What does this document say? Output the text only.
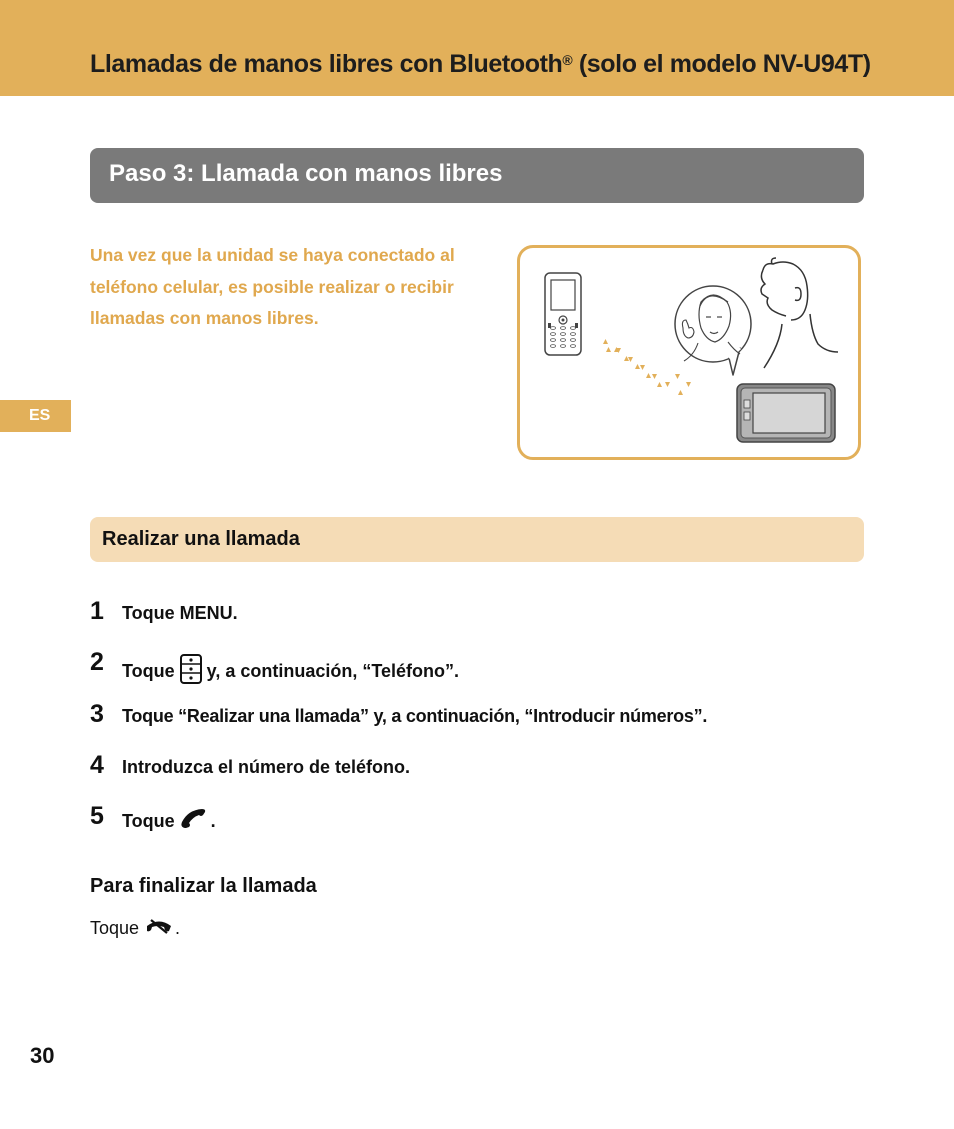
Llamadas de manos libres con Bluetooth® (solo el modelo NV-U94T)
Paso 3: Llamada con manos libres
Una vez que la unidad se haya conectado al teléfono celular, es posible realizar o recibir llamadas con manos libres.
ES
Realizar una llamada
1 Toque MENU.
2 Toque y, a continuación, “Teléfono”.
3 Toque “Realizar una llamada” y, a continuación, “Introducir números”.
4 Introduzca el número de teléfono.
5 Toque .
Para finalizar la llamada
Toque .
30
